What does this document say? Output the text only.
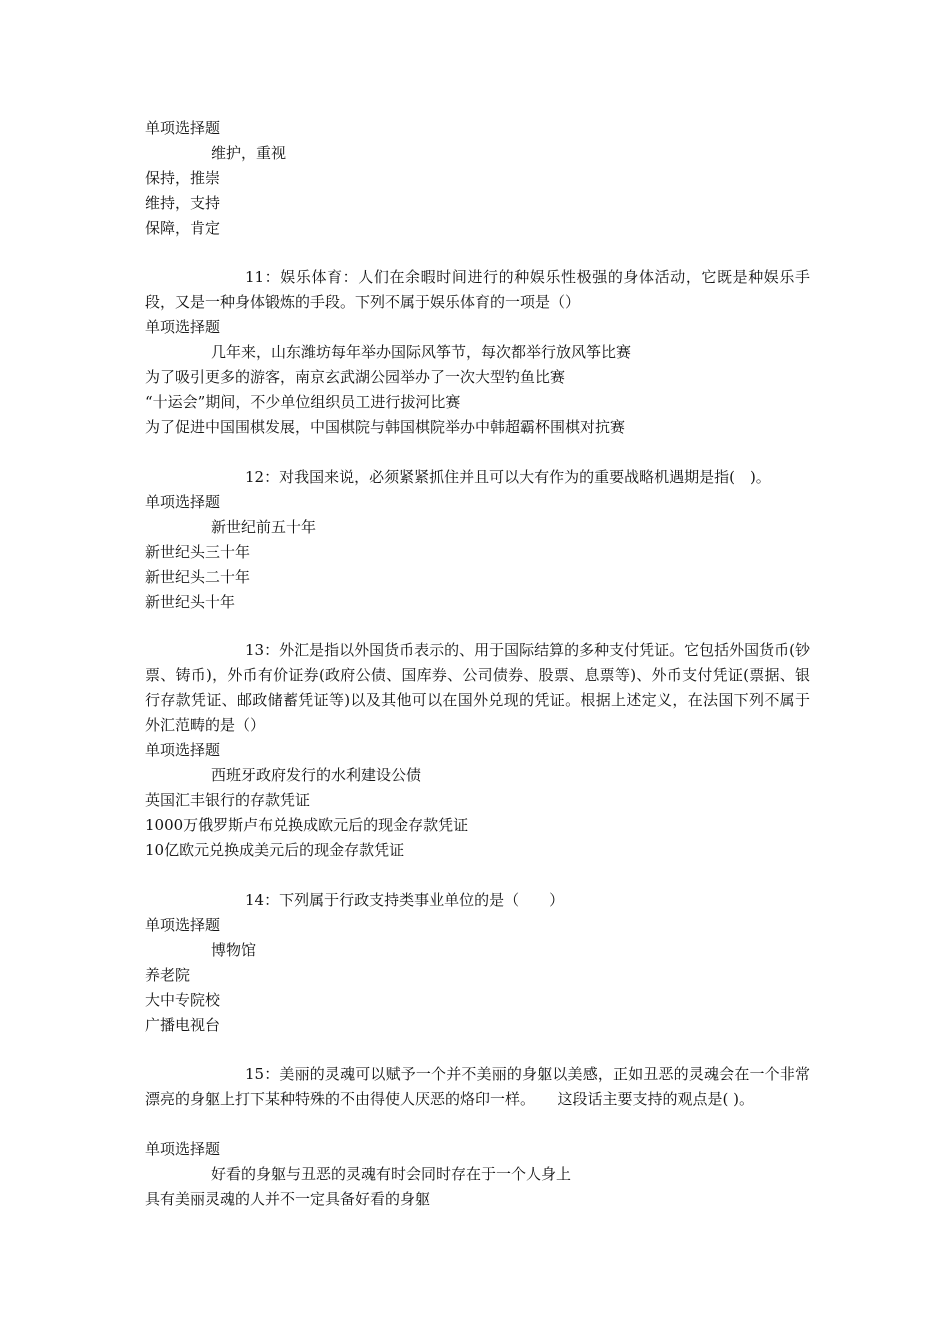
单项选择题
维护，重视
保持，推崇
维持，支持
保障，肯定
11：娱乐体育：人们在余暇时间进行的种娱乐性极强的身体活动，它既是种娱乐手段，又是一种身体锻炼的手段。下列不属于娱乐体育的一项是（）
单项选择题
几年来，山东潍坊每年举办国际风筝节，每次都举行放风筝比赛
为了吸引更多的游客，南京玄武湖公园举办了一次大型钓鱼比赛
“十运会”期间，不少单位组织员工进行拔河比赛
为了促进中国围棋发展，中国棋院与韩国棋院举办中韩超霸杯围棋对抗赛
12：对我国来说，必须紧紧抓住并且可以大有作为的重要战略机遇期是指(　)。
单项选择题
新世纪前五十年
新世纪头三十年
新世纪头二十年
新世纪头十年
13：外汇是指以外国货币表示的、用于国际结算的多种支付凭证。它包括外国货币(钞票、铸币)，外币有价证券(政府公债、国库券、公司债券、股票、息票等)、外币支付凭证(票据、银行存款凭证、邮政储蓄凭证等)以及其他可以在国外兑现的凭证。根据上述定义，在法国下列不属于外汇范畴的是（）
单项选择题
西班牙政府发行的水利建设公债
英国汇丰银行的存款凭证
1000万俄罗斯卢布兑换成欧元后的现金存款凭证
10亿欧元兑换成美元后的现金存款凭证
14：下列属于行政支持类事业单位的是（　　）
单项选择题
博物馆
养老院
大中专院校
广播电视台
15：美丽的灵魂可以赋予一个并不美丽的身躯以美感，正如丑恶的灵魂会在一个非常漂亮的身躯上打下某种特殊的不由得使人厌恶的烙印一样。　　这段话主要支持的观点是( )。
单项选择题
好看的身躯与丑恶的灵魂有时会同时存在于一个人身上
具有美丽灵魂的人并不一定具备好看的身躯
